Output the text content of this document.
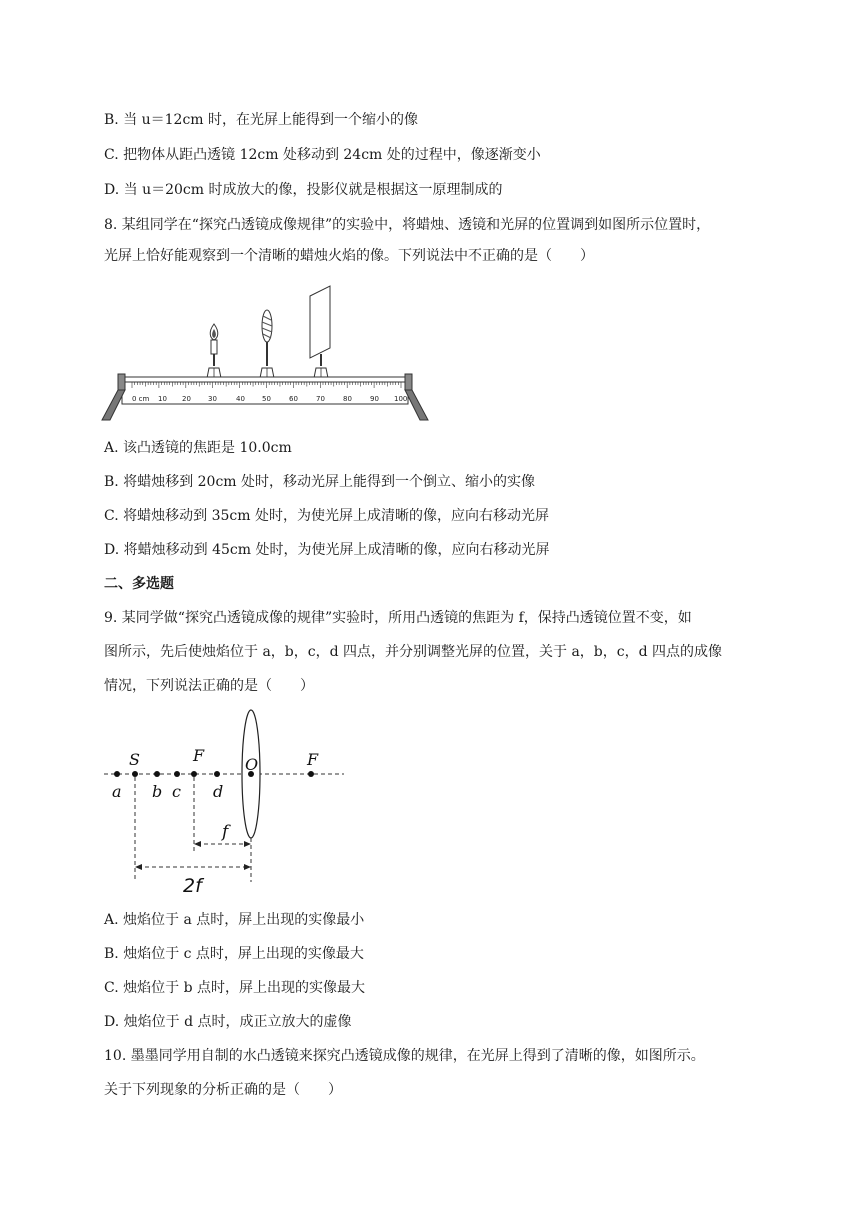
B. 当 u＝12cm 时，在光屏上能得到一个缩小的像
C. 把物体从距凸透镜 12cm 处移动到 24cm 处的过程中，像逐渐变小
D. 当 u＝20cm 时成放大的像，投影仪就是根据这一原理制成的
8. 某组同学在“探究凸透镜成像规律”的实验中，将蜡烛、透镜和光屏的位置调到如图所示位置时，
光屏上恰好能观察到一个清晰的蜡烛火焰的像。下列说法中不正确的是（　　）
0 cm 10 20 30	40 50	60	70	80	90 100
A. 该凸透镜的焦距是 10.0cm
B. 将蜡烛移到 20cm 处时，移动光屏上能得到一个倒立、缩小的实像
C. 将蜡烛移动到 35cm 处时，为使光屏上成清晰的像，应向右移动光屏
D. 将蜡烛移动到 45cm 处时，为使光屏上成清晰的像，应向右移动光屏
二、多选题
9. 某同学做“探究凸透镜成像的规律”实验时，所用凸透镜的焦距为 f，保持凸透镜位置不变，如
图所示，先后使烛焰位于 a，b，c，d 四点，并分别调整光屏的位置，关于 a，b，c，d 四点的成像
情况，下列说法正确的是（　　）
S	F	O	F
a b c d
f
2f
A. 烛焰位于 a 点时，屏上出现的实像最小
B. 烛焰位于 c 点时，屏上出现的实像最大
C. 烛焰位于 b 点时，屏上出现的实像最大
D. 烛焰位于 d 点时，成正立放大的虚像
10. 墨墨同学用自制的水凸透镜来探究凸透镜成像的规律，在光屏上得到了清晰的像，如图所示。
关于下列现象的分析正确的是（　　）
